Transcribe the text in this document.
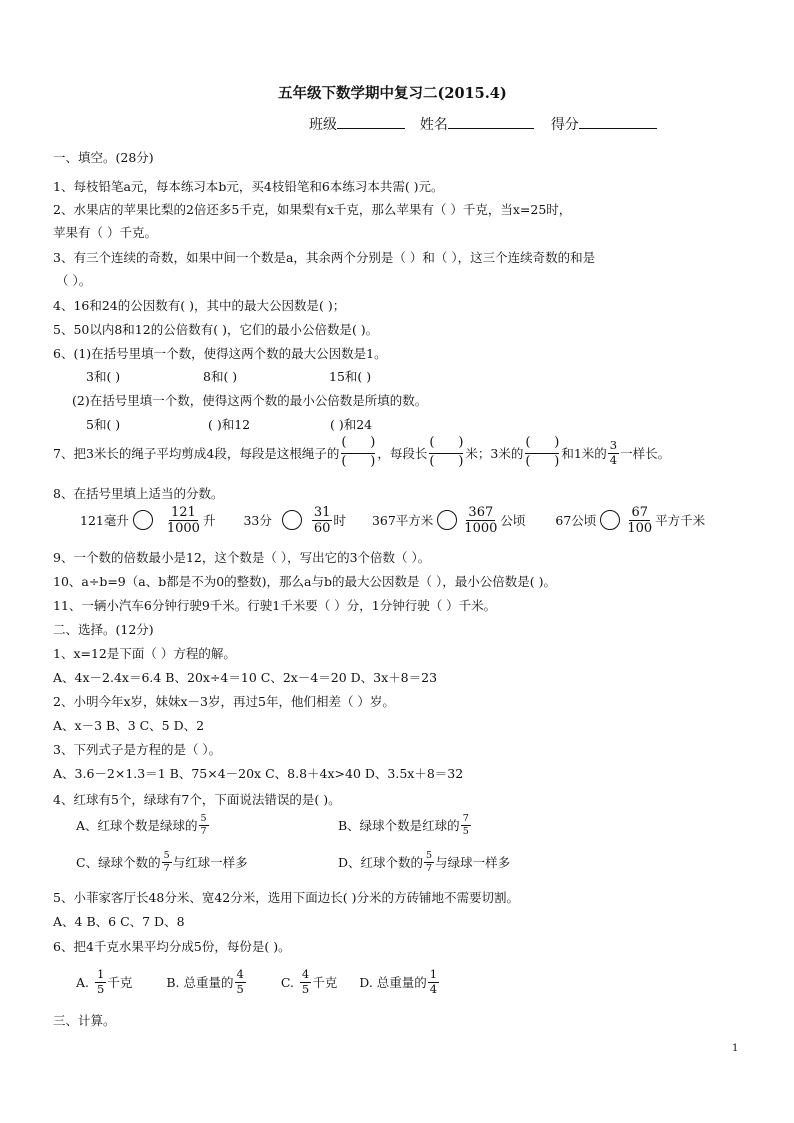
五年级下数学期中复习二(2015.4)
班级	姓名	得分
一、填空。(28分)
1、每枝铅笔a元，每本练习本b元，买4枝铅笔和6本练习本共需( )元。
2、水果店的苹果比梨的2倍还多5千克，如果梨有x千克，那么苹果有（ ）千克，当x=25时，
苹果有（ ）千克。
3、有三个连续的奇数，如果中间一个数是a，其余两个分别是（ ）和（ ），这三个连续奇数的和是
（ ）。
4、16和24的公因数有( )，其中的最大公因数是( )；
5、50以内8和12的公倍数有( )，它们的最小公倍数是( )。
6、(1)在括号里填一个数，使得这两个数的最大公因数是1。
3和( )	8和( )	15和( )
(2)在括号里填一个数，使得这两个数的最小公倍数是所填的数。
5和( )	( )和12	( )和24
7、把3米长的绳子平均剪成4段，每段是这根绳子的 ( ) ( )	，每段长 ( ) ( )	米；3米的 ( ) ( )	和1米的 $\frac{3}{4}$ 一样长。
8、在括号里填上适当的分数。
121毫升	$\frac{121}{1000}$ 升 33分	$\frac{31}{60}$ 时 367平方米 $\frac{367}{1000}$ 公顷 67公顷 $\frac{67}{100}$ 平方千米
9、一个数的倍数最小是12，这个数是（ ），写出它的3个倍数（ ）。
10、a÷b=9（a、b都是不为0的整数)，那么a与b的最大公因数是（ ），最小公倍数是( )。
11、一辆小汽车6分钟行驶9千米。行驶1千米要（ ）分，1分钟行驶（ ）千米。
二、选择。(12分)
1、x=12是下面（ ）方程的解。
A、4x－2.4x＝6.4 B、20x÷4＝10 C、2x－4＝20 D、3x＋8＝23
2、小明今年x岁，妹妹x－3岁，再过5年，他们相差（ ）岁。
A、x－3 B、3 C、5 D、2
3、下列式子是方程的是（ ）。
A、3.6－2×1.3＝1 B、75×4－20x C、8.8＋4x>40 D、3.5x＋8＝32
4、红球有5个，绿球有7个，下面说法错误的是( )。
A、红球个数是绿球的 $\frac{5}{7}$	B、绿球个数是红球的 $\frac{7}{5}$
C、绿球个数的 $\frac{5}{7}$ 与红球一样多	D、红球个数的 $\frac{5}{7}$ 与绿球一样多
5、小菲家客厅长48分米、宽42分米，选用下面边长( )分米的方砖铺地不需要切割。
A、4 B、6 C、7 D、8
6、把4千克水果平均分成5份，每份是( )。
A. $\frac{1}{5}$ 千克	B. 总重量的 $\frac{4}{5}$	C. $\frac{4}{5}$ 千克 D. 总重量的 $\frac{1}{4}$
三、计算。
1
